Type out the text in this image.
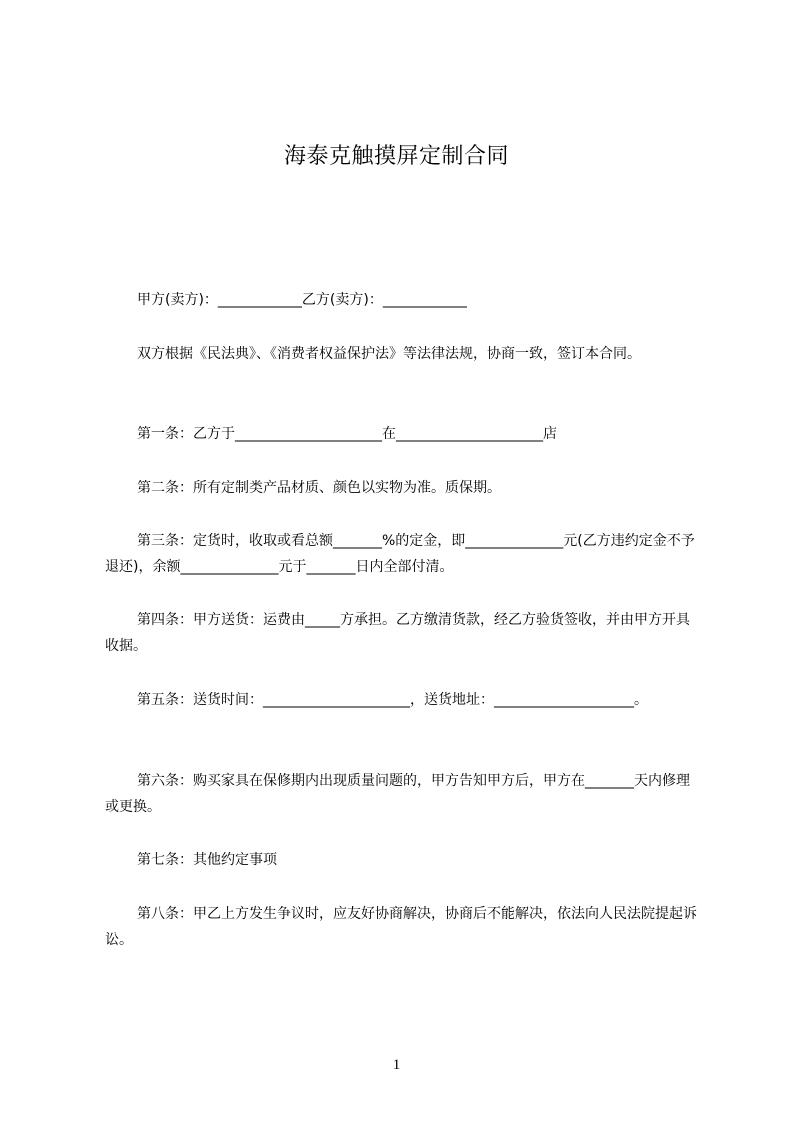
海泰克触摸屏定制合同
甲方(卖方)：____________乙方(卖方)：____________
双方根据《民法典》、《消费者权益保护法》等法律法规，协商一致，签订本合同。
第一条：乙方于_____________________在_____________________店
第二条：所有定制类产品材质、颜色以实物为准。质保期。
第三条：定货时，收取或看总额_______%的定金，即______________元(乙方违约定金不予退还)，余额______________元于_______日内全部付清。
第四条：甲方送货：运费由_____方承担。乙方缴清货款，经乙方验货签收，并由甲方开具收据。
第五条：送货时间：_____________________，送货地址：____________________。
第六条：购买家具在保修期内出现质量问题的，甲方告知甲方后，甲方在_______天内修理或更换。
第七条：其他约定事项
第八条：甲乙上方发生争议时，应友好协商解决，协商后不能解决，依法向人民法院提起诉讼。
1
